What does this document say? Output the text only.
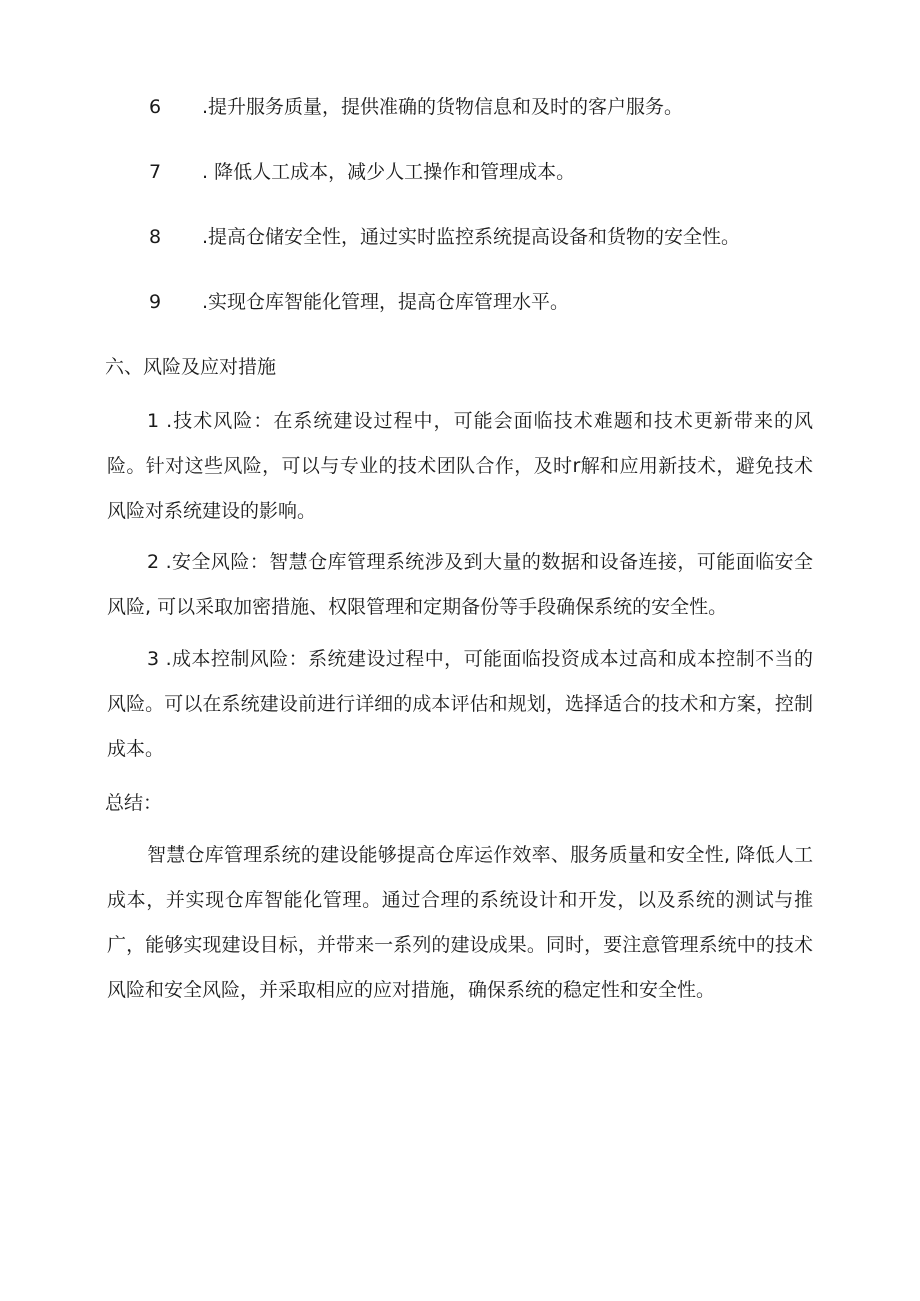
6 .提升服务质量，提供准确的货物信息和及时的客户服务。
7 . 降低人工成本，减少人工操作和管理成本。
8 .提高仓储安全性，通过实时监控系统提高设备和货物的安全性。
9 .实现仓库智能化管理，提高仓库管理水平。
六、风险及应对措施

1 .技术风险：在系统建设过程中，可能会面临技术难题和技术更新带来的风险。针对这些风险，可以与专业的技术团队合作，及时r解和应用新技术，避免技术风险对系统建设的影响。

2 .安全风险：智慧仓库管理系统涉及到大量的数据和设备连接，可能面临安全风险, 可以采取加密措施、权限管理和定期备份等手段确保系统的安全性。

3 .成本控制风险：系统建设过程中，可能面临投资成本过高和成本控制不当的风险。可以在系统建设前进行详细的成本评估和规划，选择适合的技术和方案，控制成本。

总结：

智慧仓库管理系统的建设能够提高仓库运作效率、服务质量和安全性, 降低人工成本，并实现仓库智能化管理。通过合理的系统设计和开发，以及系统的测试与推广，能够实现建设目标，并带来一系列的建设成果。同时，要注意管理系统中的技术风险和安全风险，并采取相应的应对措施，确保系统的稳定性和安全性。
